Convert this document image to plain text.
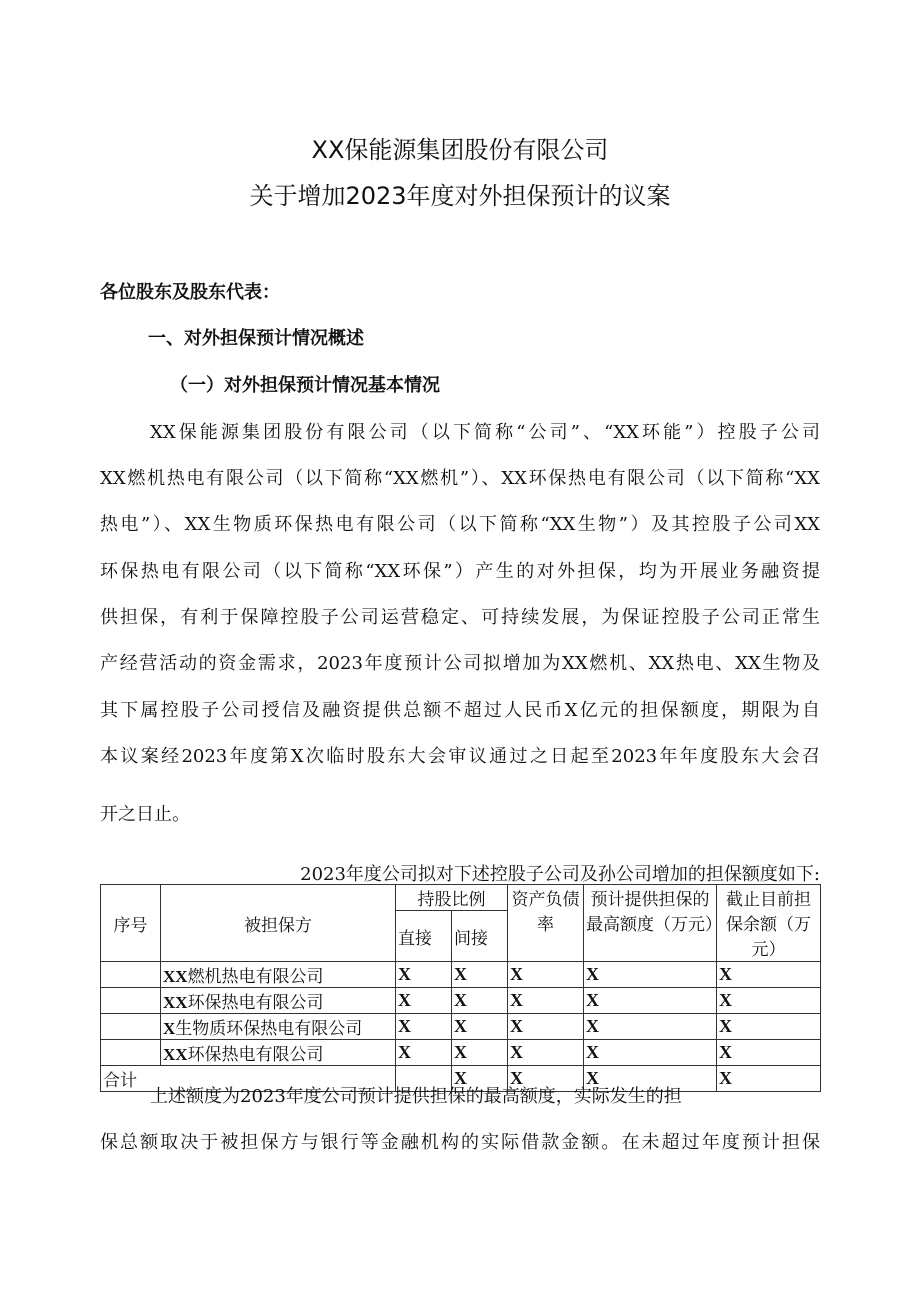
XX保能源集团股份有限公司
关于增加2023年度对外担保预计的议案
各位股东及股东代表：
一、对外担保预计情况概述
（一）对外担保预计情况基本情况
XX保能源集团股份有限公司（以下简称“公司”、“XX环能”）控股子公司
XX燃机热电有限公司（以下简称“XX燃机”）、XX环保热电有限公司（以下简称“XX
热电”）、XX生物质环保热电有限公司（以下简称“XX生物”）及其控股子公司XX
环保热电有限公司（以下简称“XX环保”）产生的对外担保，均为开展业务融资提
供担保，有利于保障控股子公司运营稳定、可持续发展，为保证控股子公司正常生
产经营活动的资金需求，2023年度预计公司拟增加为XX燃机、XX热电、XX生物及
其下属控股子公司授信及融资提供总额不超过人民币X亿元的担保额度，期限为自
本议案经2023年度第X次临时股东大会审议通过之日起至2023年年度股东大会召
开之日止。
2023年度公司拟对下述控股子公司及孙公司增加的担保额度如下:
序号	被担保方	持股比例		资产负债率	预计提供担保的最高额度（万元）	截止目前担保余额（万元）
		直接	间接			
	XX燃机热电有限公司	X	X	X	X	X
	XX环保热电有限公司	X	X	X	X	X
	X生物质环保热电有限公司	X	X	X	X	X
	XX环保热电有限公司	X	X	X	X	X
合计			X	X	X	X
上述额度为2023年度公司预计提供担保的最高额度，实际发生的担
保总额取决于被担保方与银行等金融机构的实际借款金额。在未超过年度预计担保
